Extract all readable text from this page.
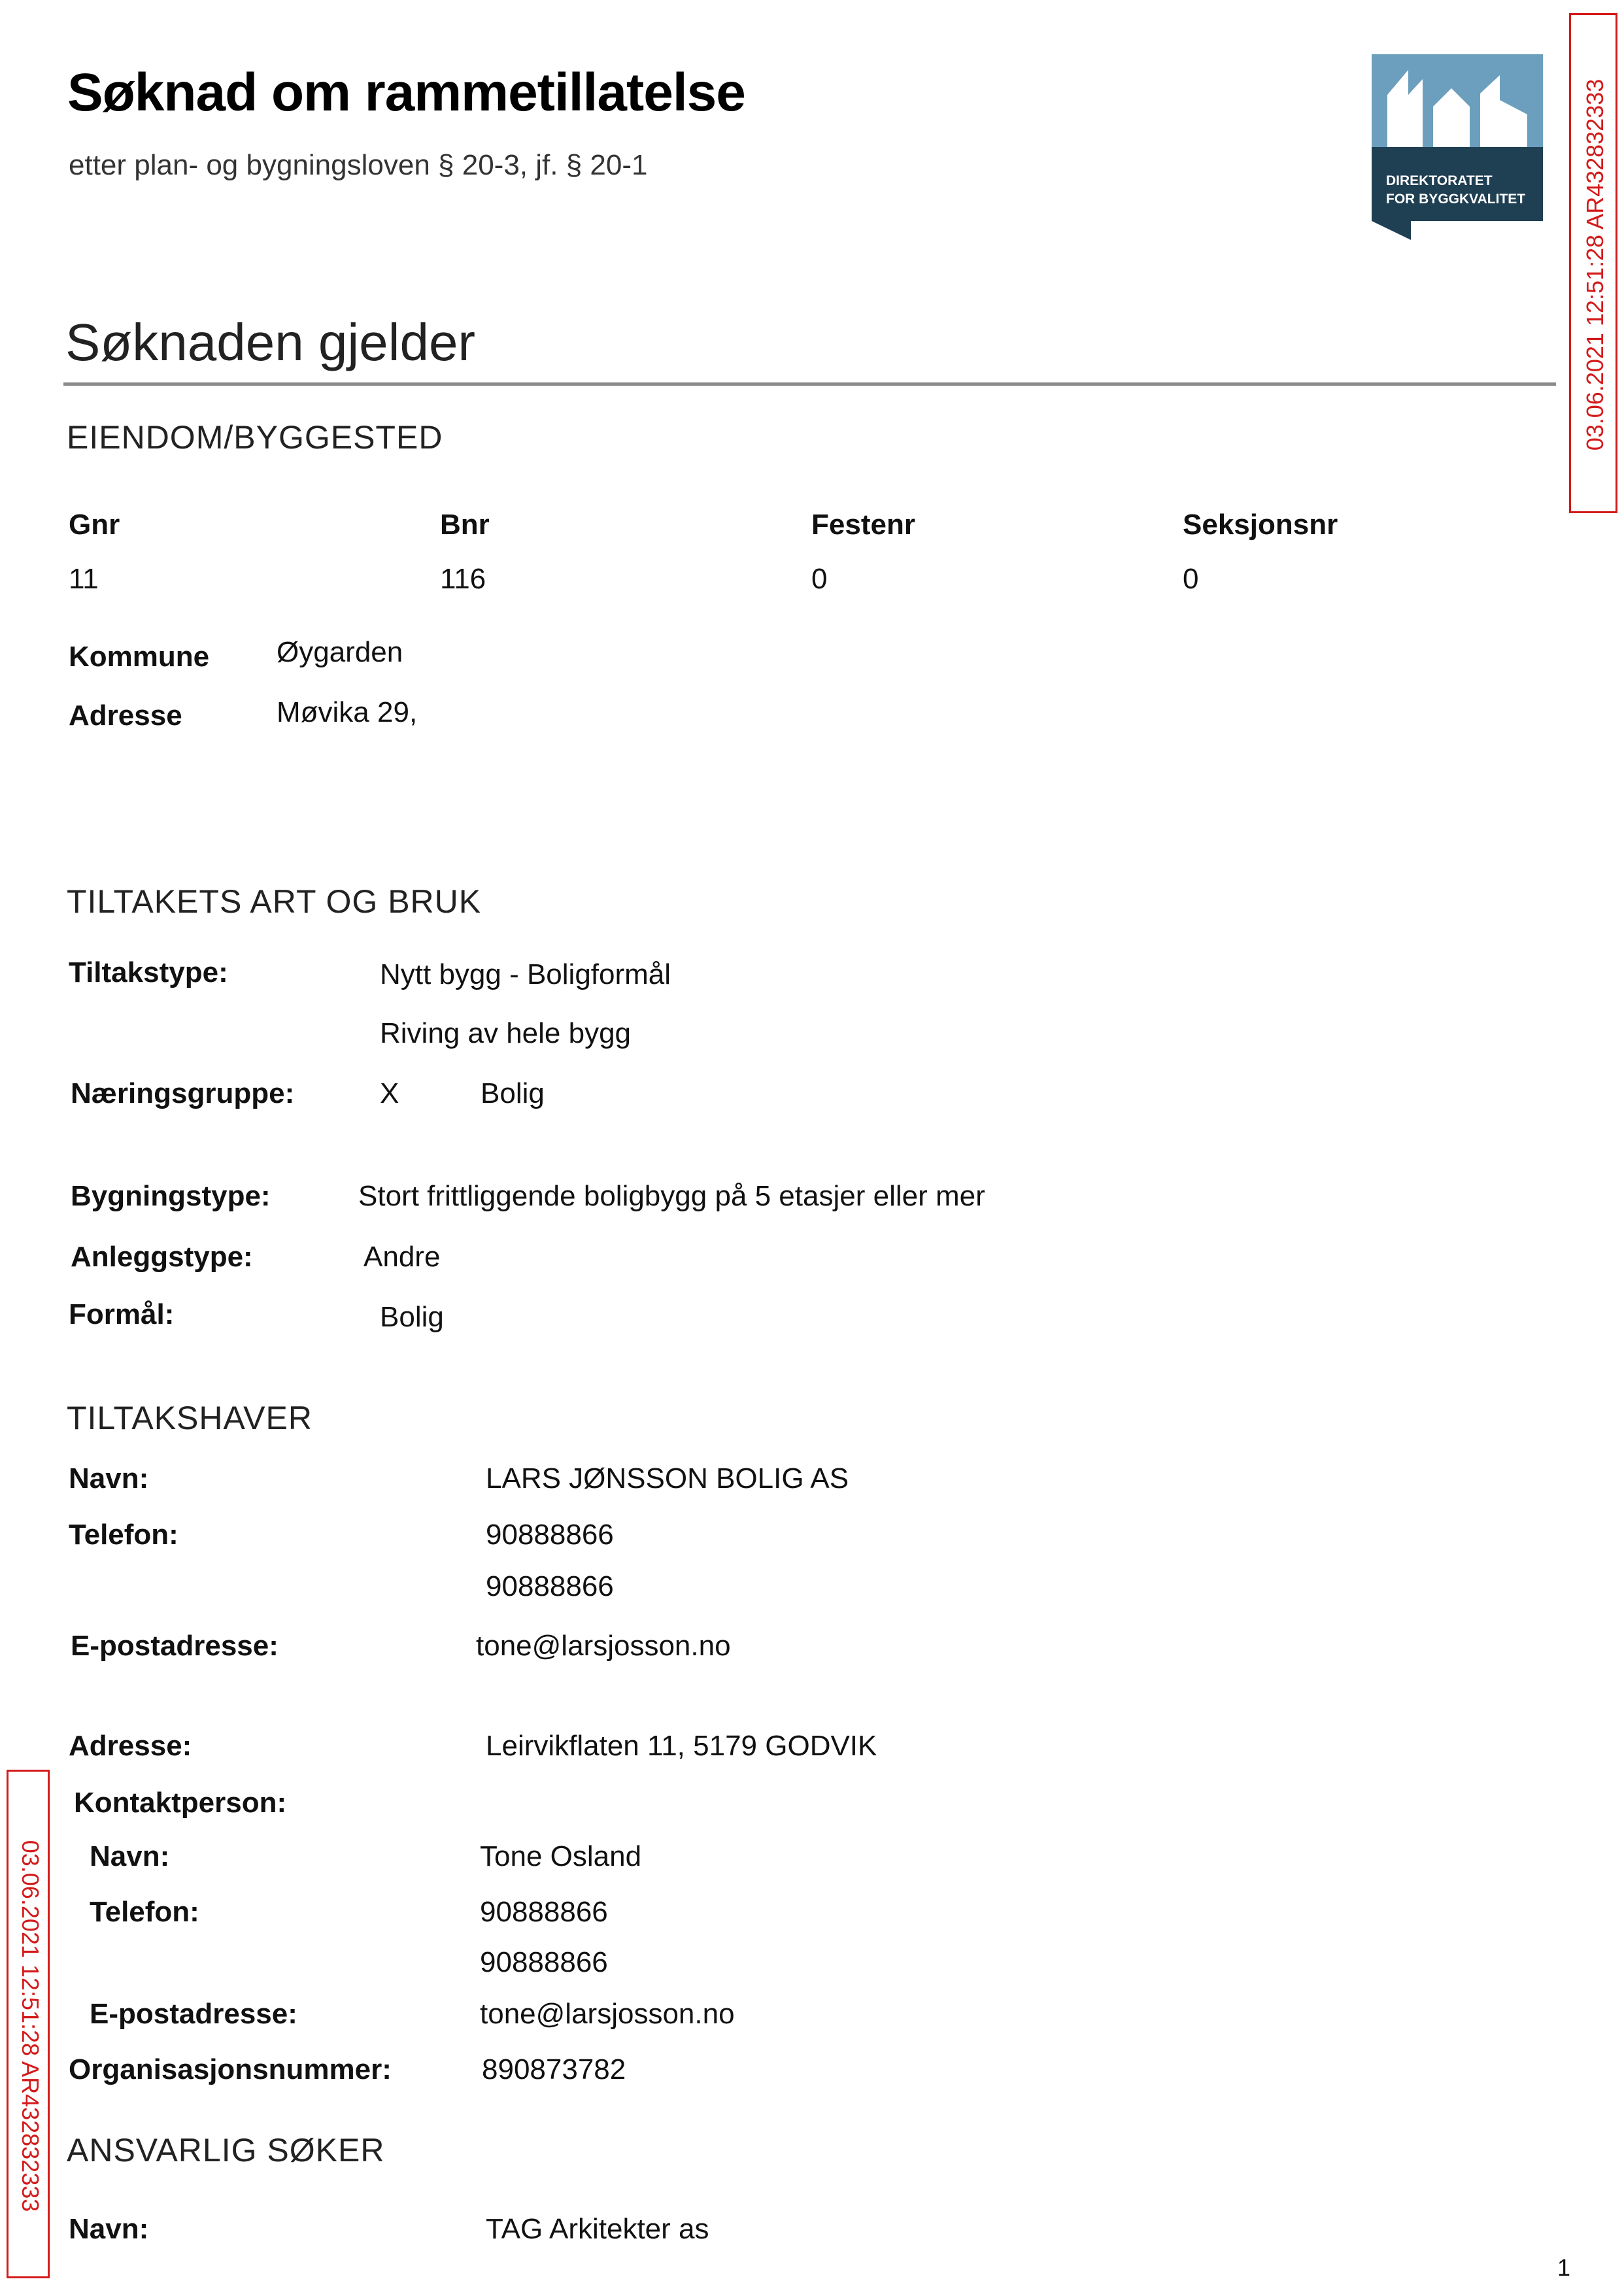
Søknad om rammetillatelse
etter plan- og bygningsloven § 20-3, jf. § 20-1	DIREKTORATET
FOR BYGGKVALITET 03.06.2021 12:51:28 AR432832333
03.06.2021 12:51:28 AR432832333
Søknaden gjelder
EIENDOM/BYGGESTED
Gnr	Bnr	Festenr	Seksjonsnr
11	116	0	0
Kommune Øygarden
Adresse	Møvika 29,
TILTAKETS ART OG BRUK
Tiltakstype:	Nytt bygg - Boligformål
Riving av hele bygg
Næringsgruppe:	X	Bolig
Bygningstype:	Stort frittliggende boligbygg på 5 etasjer eller mer
Anleggstype:	Andre
Formål:	Bolig
TILTAKSHAVER
Navn:	LARS JØNSSON BOLIG AS
Telefon:	90888866
90888866
E-postadresse:	tone@larsjosson.no
Adresse:	Leirvikflaten 11, 5179 GODVIK
Kontaktperson:
Navn:	Tone Osland
Telefon:	90888866
90888866
E-postadresse:	tone@larsjosson.no
Organisasjonsnummer:	890873782
ANSVARLIG SØKER
Navn:	TAG Arkitekter as
1
